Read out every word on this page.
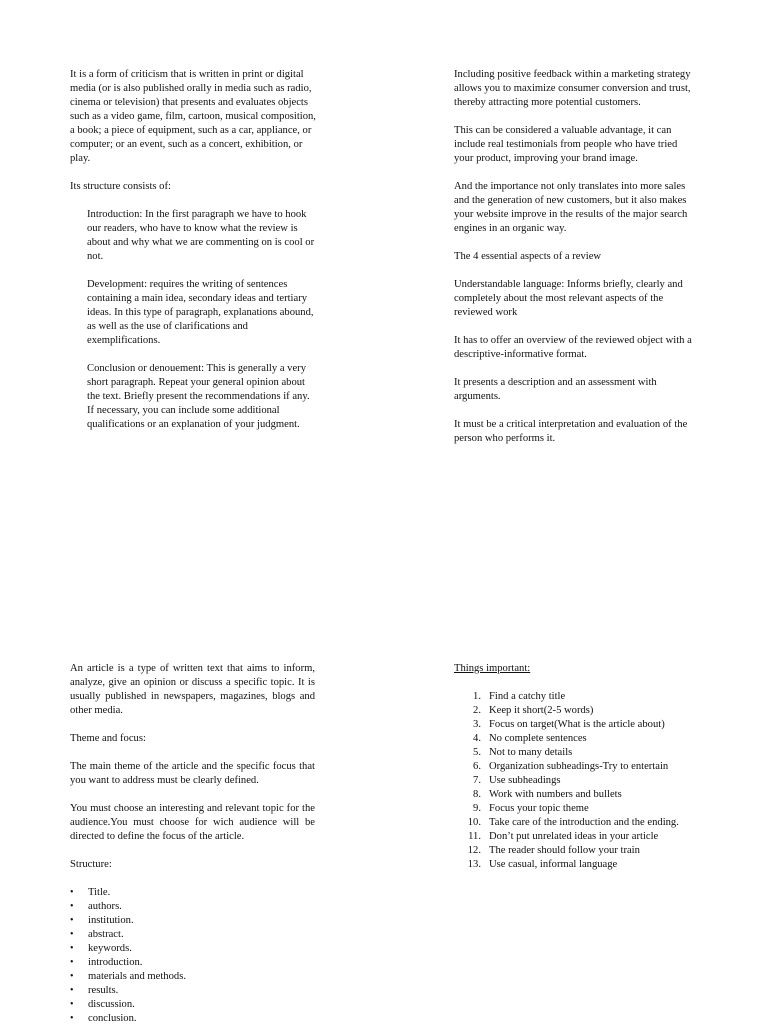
It is a form of criticism that is written in print or digital media (or is also published orally in media such as radio, cinema or television) that presents and evaluates objects such as a video game, film, cartoon, musical composition, a book; a piece of equipment, such as a car, appliance, or computer; or an event, such as a concert, exhibition, or play.

Its structure consists of:

Introduction: In the first paragraph we have to hook our readers, who have to know what the review is about and why what we are commenting on is cool or not.

Development: requires the writing of sentences containing a main idea, secondary ideas and tertiary ideas. In this type of paragraph, explanations abound, as well as the use of clarifications and exemplifications.

Conclusion or denouement: This is generally a very short paragraph. Repeat your general opinion about the text. Briefly present the recommendations if any. If necessary, you can include some additional qualifications or an explanation of your judgment.

Including positive feedback within a marketing strategy allows you to maximize consumer conversion and trust, thereby attracting more potential customers.

This can be considered a valuable advantage, it can include real testimonials from people who have tried your product, improving your brand image.

And the importance not only translates into more sales and the generation of new customers, but it also makes your website improve in the results of the major search engines in an organic way.

The 4 essential aspects of a review

Understandable language: Informs briefly, clearly and completely about the most relevant aspects of the reviewed work

It has to offer an overview of the reviewed object with a descriptive-informative format.

It presents a description and an assessment with arguments.

It must be a critical interpretation and evaluation of the person who performs it.

An article is a type of written text that aims to inform, analyze, give an opinion or discuss a specific topic. It is usually published in newspapers, magazines, blogs and other media.

Theme and focus:

The main theme of the article and the specific focus that you want to address must be clearly defined.

You must choose an interesting and relevant topic for the audience.You must choose for wich audience will be directed to define the focus of the article.

Structure:

• Title.
• authors.
• institution.
• abstract.
• keywords.
• introduction.
• materials and methods.
• results.
• discussion.
• conclusion.

Things important:

1. Find a catchy title
2. Keep it short(2-5 words)
3. Focus on target(What is the article about)
4. No complete sentences
5. Not to many details
6. Organization subheadings-Try to entertain
7. Use subheadings
8. Work with numbers and bullets
9. Focus your topic theme
10. Take care of the introduction and the ending.
11. Don’t put unrelated ideas in your article
12. The reader should follow your train
13. Use casual, informal language
